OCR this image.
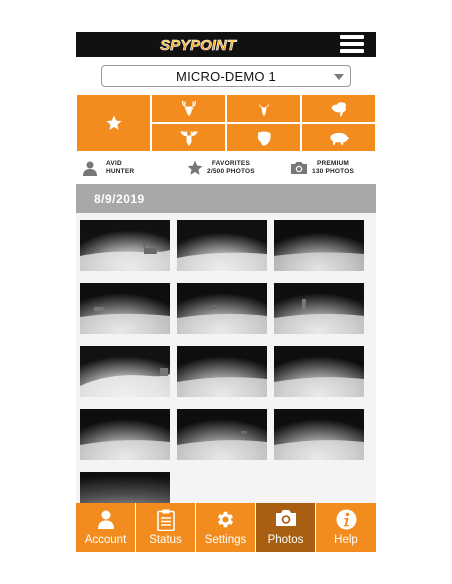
SPYPOINT
MICRO-DEMO 1
AVID
HUNTER
FAVORITES
2/500 PHOTOS
PREMIUM
130 PHOTOS
8/9/2019
Account	Status	Settings	Photos	Help
